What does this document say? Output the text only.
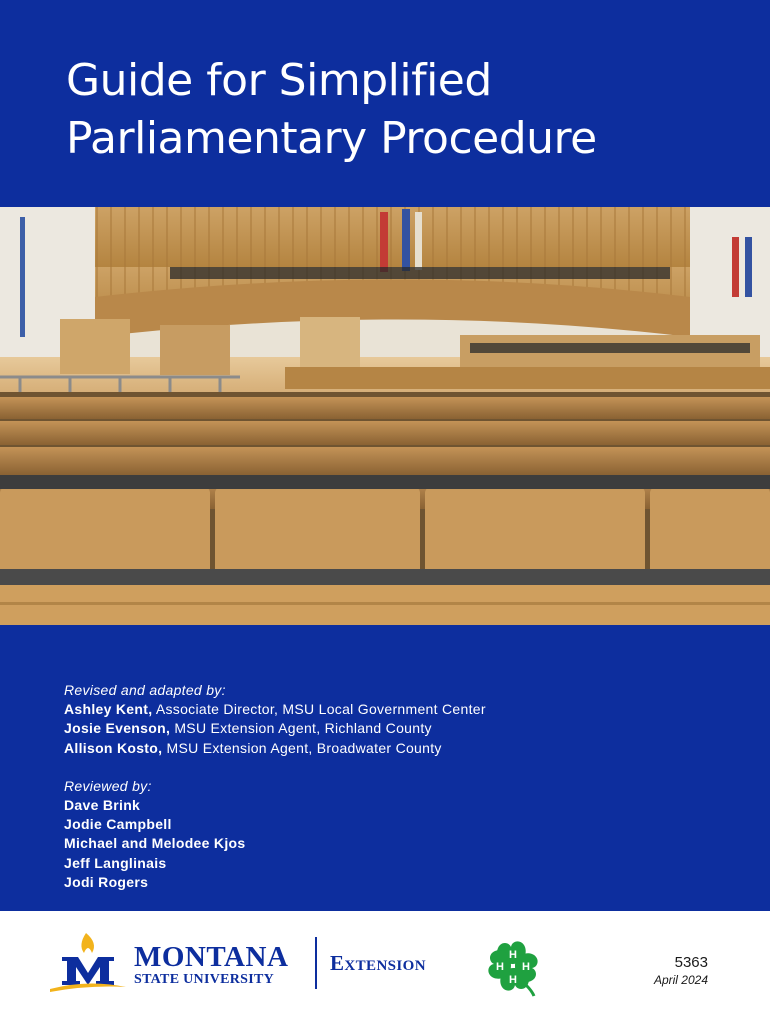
Guide for Simplified
Parliamentary Procedure
Revised and adapted by:
Ashley Kent, Associate Director, MSU Local Government Center
Josie Evenson, MSU Extension Agent, Richland County
Allison Kosto, MSU Extension Agent, Broadwater County
Reviewed by:
Dave Brink
Jodie Campbell
Michael and Melodee Kjos
Jeff Langlinais
Jodi Rogers
MONTANA
STATE UNIVERSITY
Extension	H
H
H H	5363
April 2024
